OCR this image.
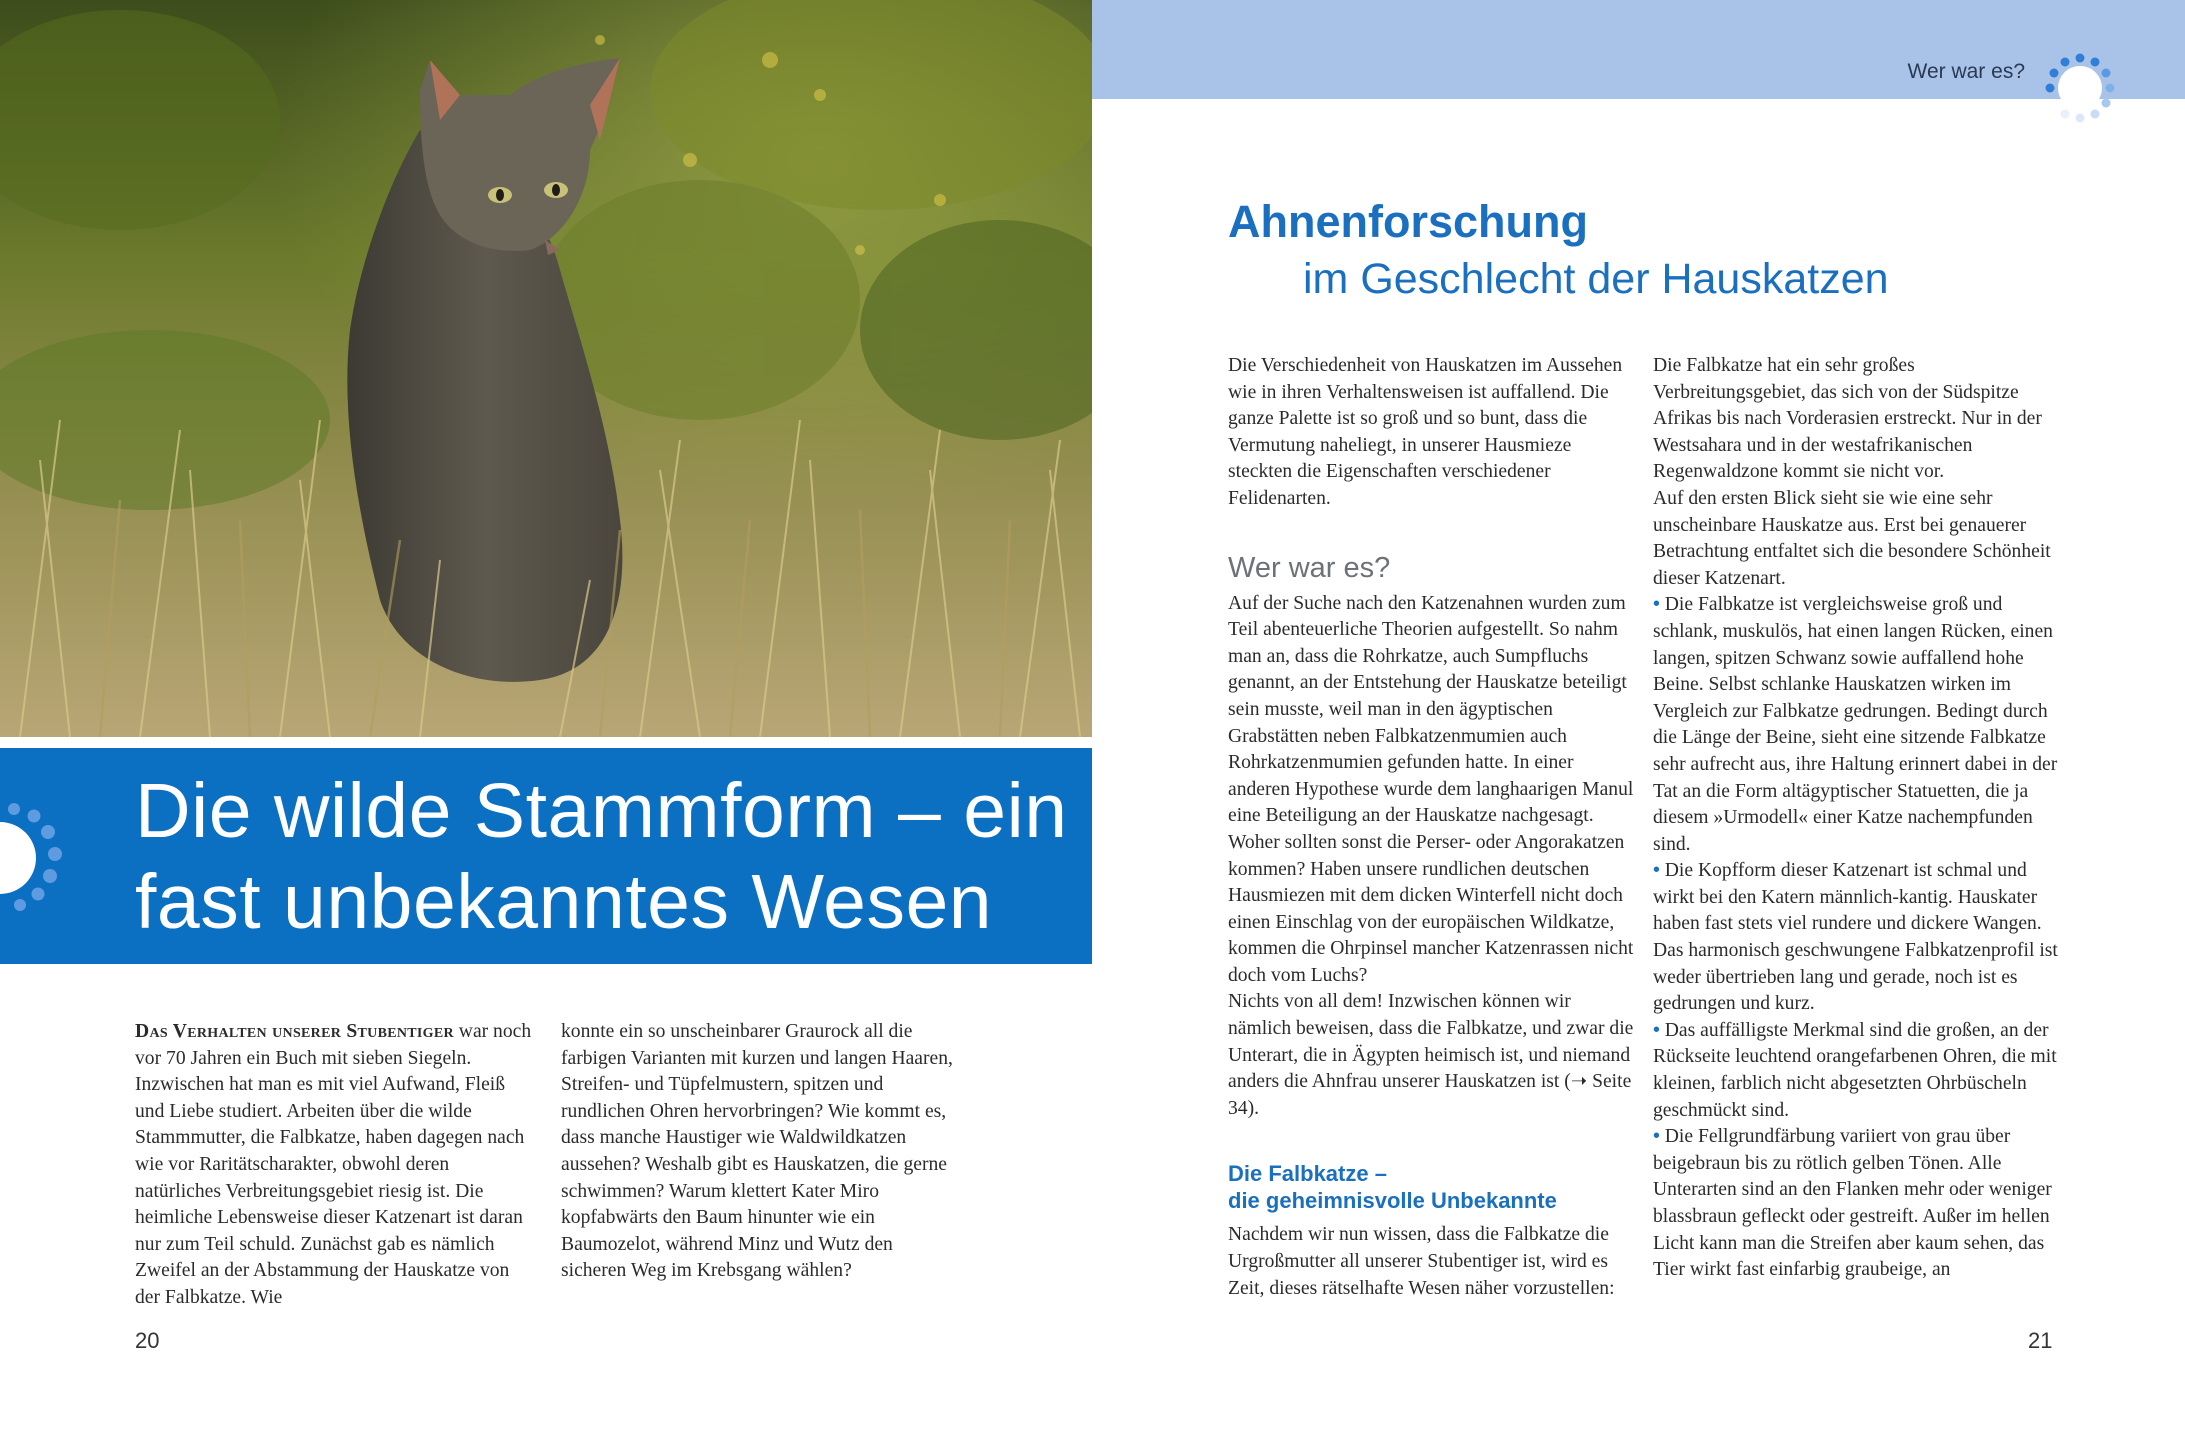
Die wilde Stammform – ein
fast unbekanntes Wesen

Das Verhalten unserer Stubentiger war noch vor 70 Jahren ein Buch mit sieben Siegeln. Inzwischen hat man es mit viel Aufwand, Fleiß und Liebe studiert. Arbeiten über die wilde Stammmutter, die Falbkatze, haben dagegen nach wie vor Raritätscharakter, obwohl deren natürliches Verbreitungsgebiet riesig ist. Die heimliche Lebensweise dieser Katzenart ist daran nur zum Teil schuld. Zunächst gab es nämlich Zweifel an der Abstammung der Hauskatze von der Falbkatze. Wie

konnte ein so unscheinbarer Graurock all die farbigen Varianten mit kurzen und langen Haaren, Streifen- und Tüpfelmustern, spitzen und rundlichen Ohren hervorbringen? Wie kommt es, dass manche Haustiger wie Waldwildkatzen aussehen? Weshalb gibt es Hauskatzen, die gerne schwimmen? Warum klettert Kater Miro kopfabwärts den Baum hinunter wie ein Baumozelot, während Minz und Wutz den sicheren Weg im Krebsgang wählen?

20
Wer war es?
Ahnenforschung
im Geschlecht der Hauskatzen

Die Verschiedenheit von Hauskatzen im Aussehen wie in ihren Verhaltensweisen ist auffallend. Die ganze Palette ist so groß und so bunt, dass die Vermutung naheliegt, in unserer Hausmieze steckten die Eigenschaften verschiedener Felidenarten.

Wer war es?

Auf der Suche nach den Katzenahnen wurden zum Teil abenteuerliche Theorien aufgestellt. So nahm man an, dass die Rohrkatze, auch Sumpfluchs genannt, an der Entstehung der Hauskatze beteiligt sein musste, weil man in den ägyptischen Grabstätten neben Falbkatzenmumien auch Rohrkatzenmumien gefunden hatte. In einer anderen Hypothese wurde dem langhaarigen Manul eine Beteiligung an der Hauskatze nachgesagt. Woher sollten sonst die Perser- oder Angorakatzen kommen? Haben unsere rundlichen deutschen Hausmiezen mit dem dicken Winterfell nicht doch einen Einschlag von der europäischen Wildkatze, kommen die Ohrpinsel mancher Katzenrassen nicht doch vom Luchs?

Nichts von all dem! Inzwischen können wir nämlich beweisen, dass die Falbkatze, und zwar die Unterart, die in Ägypten heimisch ist, und niemand anders die Ahnfrau unserer Hauskatzen ist (➝ Seite 34).

Die Falbkatze –
die geheimnisvolle Unbekannte

Nachdem wir nun wissen, dass die Falbkatze die Urgroßmutter all unserer Stubentiger ist, wird es Zeit, dieses rätselhafte Wesen näher vorzustellen:

Die Falbkatze hat ein sehr großes Verbreitungsgebiet, das sich von der Südspitze Afrikas bis nach Vorderasien erstreckt. Nur in der Westsahara und in der westafrikanischen Regenwaldzone kommt sie nicht vor.

Auf den ersten Blick sieht sie wie eine sehr unscheinbare Hauskatze aus. Erst bei genauerer Betrachtung entfaltet sich die besondere Schönheit dieser Katzenart.

• Die Falbkatze ist vergleichsweise groß und schlank, muskulös, hat einen langen Rücken, einen langen, spitzen Schwanz sowie auffallend hohe Beine. Selbst schlanke Hauskatzen wirken im Vergleich zur Falbkatze gedrungen. Bedingt durch die Länge der Beine, sieht eine sitzende Falbkatze sehr aufrecht aus, ihre Haltung erinnert dabei in der Tat an die Form altägyptischer Statuetten, die ja diesem »Urmodell« einer Katze nachempfunden sind.

• Die Kopfform dieser Katzenart ist schmal und wirkt bei den Katern männlich-kantig. Hauskater haben fast stets viel rundere und dickere Wangen. Das harmonisch geschwungene Falbkatzenprofil ist weder übertrieben lang und gerade, noch ist es gedrungen und kurz.

• Das auffälligste Merkmal sind die großen, an der Rückseite leuchtend orangefarbenen Ohren, die mit kleinen, farblich nicht abgesetzten Ohrbüscheln geschmückt sind.

• Die Fellgrundfärbung variiert von grau über beigebraun bis zu rötlich gelben Tönen. Alle Unterarten sind an den Flanken mehr oder weniger blassbraun gefleckt oder gestreift. Außer im hellen Licht kann man die Streifen aber kaum sehen, das Tier wirkt fast einfarbig graubeige, an

21
